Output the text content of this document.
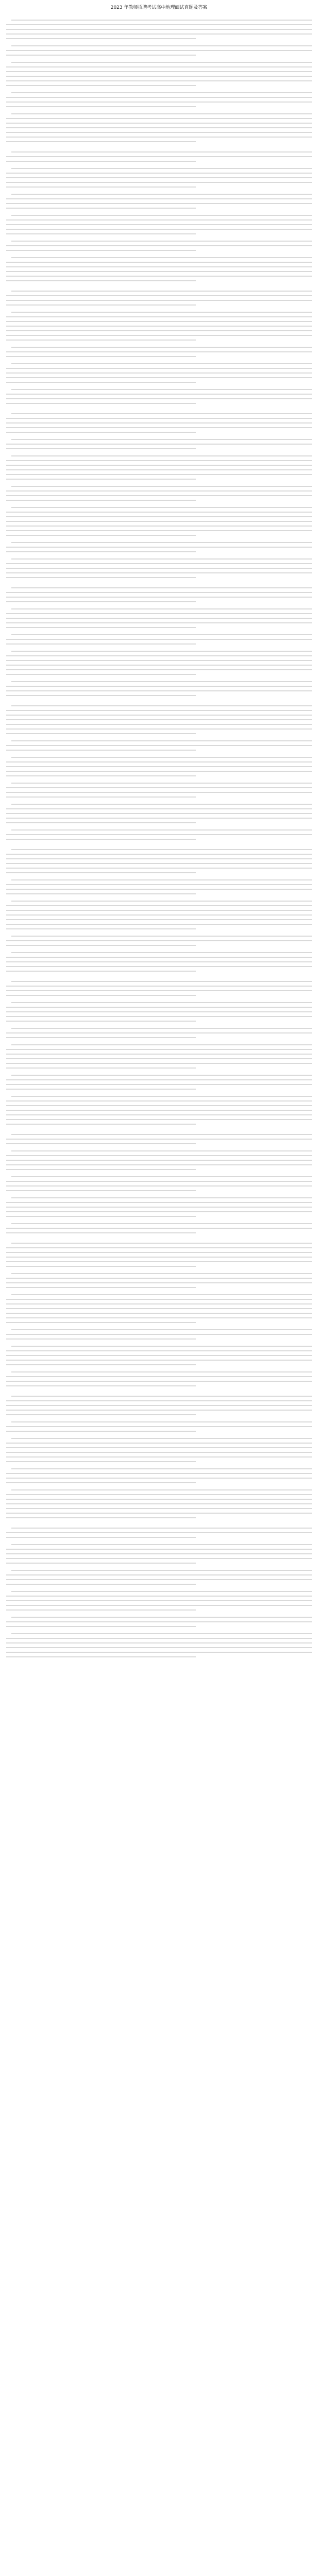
2023 年教师招聘考试高中地理面试真题及答案
